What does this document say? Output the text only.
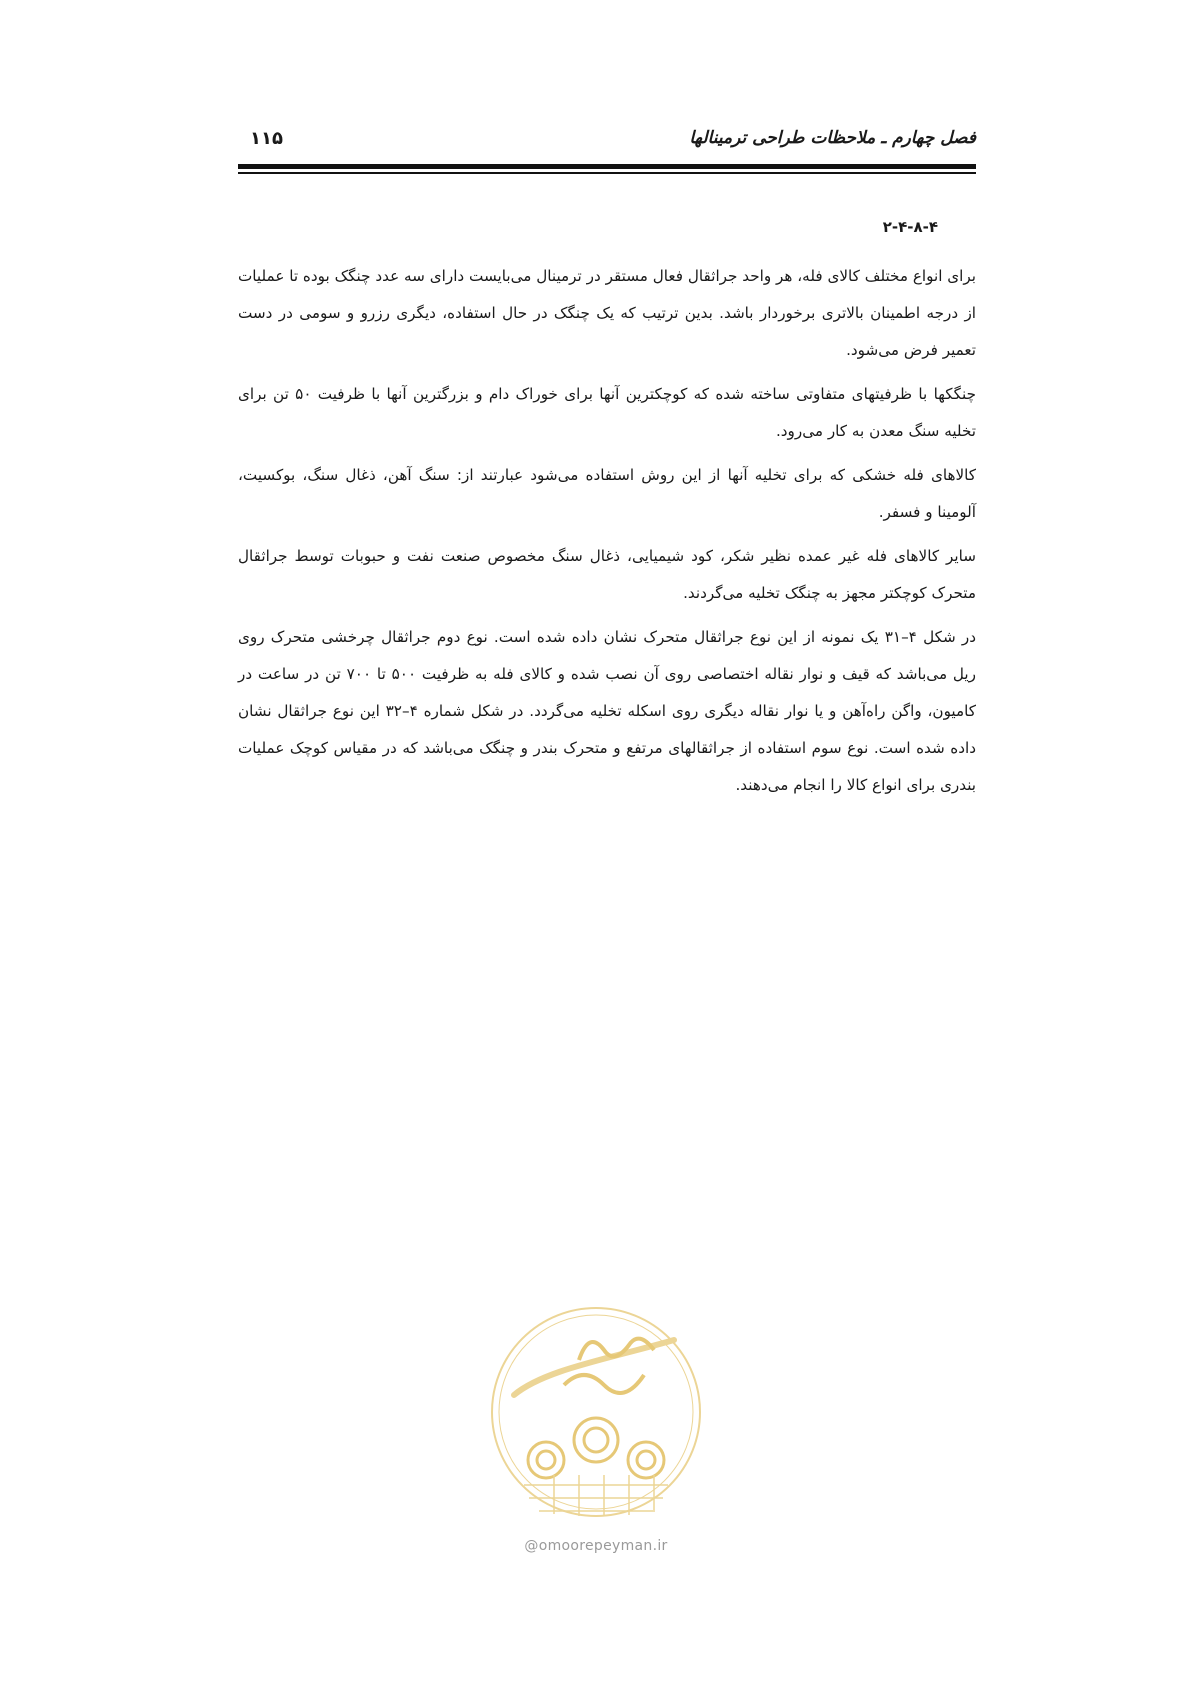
فصل چهارم ـ ملاحظات طراحی ترمینالها
۱۱۵
۲-۴-۸-۴

برای انواع مختلف کالای فله، هر واحد جراثقال فعال مستقر در ترمینال می‌بایست دارای سه عدد چنگک بوده تا عملیات از درجه اطمینان بالاتری برخوردار باشد. بدین ترتیب که یک چنگک در حال استفاده، دیگری رزرو و سومی در دست تعمیر فرض می‌شود.

چنگکها با ظرفیتهای متفاوتی ساخته شده که کوچکترین آنها برای خوراک دام و بزرگترین آنها با ظرفیت ۵۰ تن برای تخلیه سنگ معدن به کار می‌رود.

کالاهای فله خشکی که برای تخلیه آنها از این روش استفاده می‌شود عبارتند از: سنگ آهن، ذغال سنگ، بوکسیت، آلومینا و فسفر.

سایر کالاهای فله غیر عمده نظیر شکر، کود شیمیایی، ذغال سنگ مخصوص صنعت نفت و حبوبات توسط جراثقال متحرک کوچکتر مجهز به چنگک تخلیه می‌گردند.

در شکل ۴–۳۱ یک نمونه از این نوع جراثقال متحرک نشان داده شده است. نوع دوم جراثقال چرخشی متحرک روی ریل می‌باشد که قیف و نوار نقاله اختصاصی روی آن نصب شده و کالای فله به ظرفیت ۵۰۰ تا ۷۰۰ تن در ساعت در کامیون، واگن راه‌آهن و یا نوار نقاله دیگری روی اسکله تخلیه می‌گردد. در شکل شماره ۴–۳۲ این نوع جراثقال نشان داده شده است. نوع سوم استفاده از جراثقالهای مرتفع و متحرک بندر و چنگک می‌باشد که در مقیاس کوچک عملیات بندری برای انواع کالا را انجام می‌دهند.

@omoorepeyman.ir
